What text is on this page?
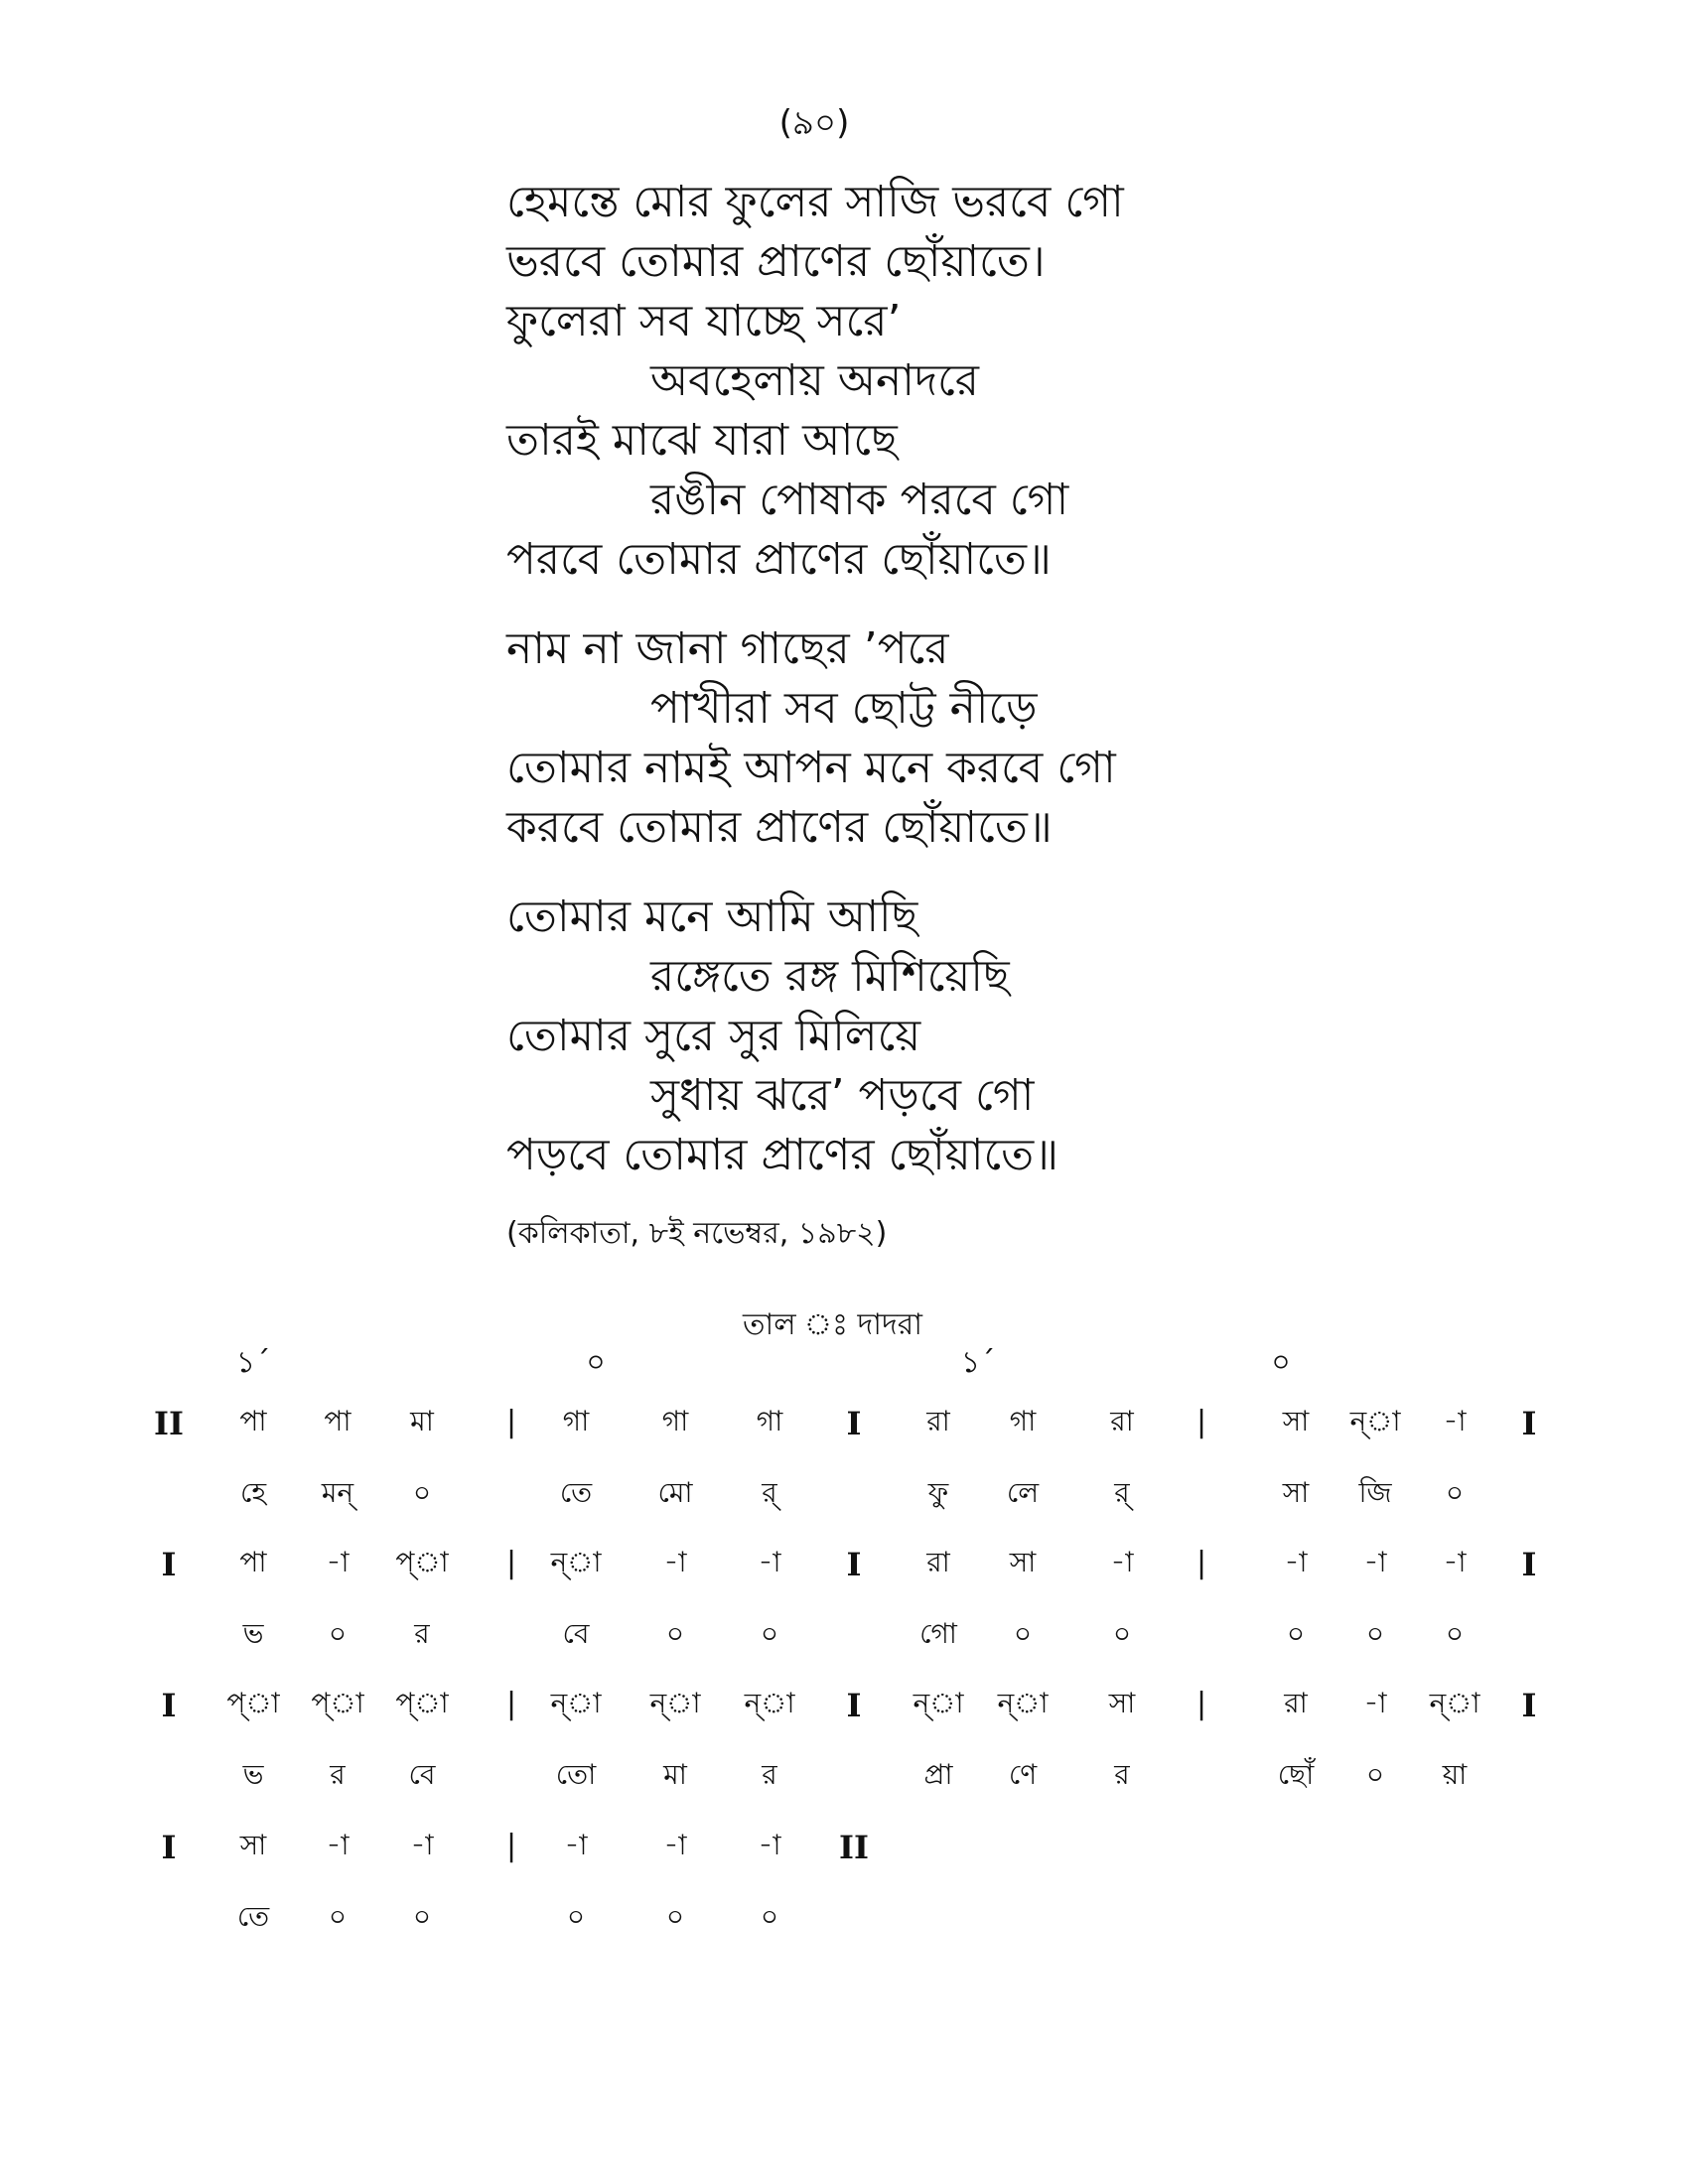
(৯০)
হেমন্তে মোর ফুলের সাজি ভরবে গো
ভরবে তোমার প্রাণের ছোঁয়াতে।
ফুলেরা সব যাচ্ছে সরে’
অবহেলায় অনাদরে
তারই মাঝে যারা আছে
রঙীন পোষাক পরবে গো
পরবে তোমার প্রাণের ছোঁয়াতে॥
নাম না জানা গাছের ’পরে
পাখীরা সব ছোট্ট নীড়ে
তোমার নামই আপন মনে করবে গো
করবে তোমার প্রাণের ছোঁয়াতে॥
তোমার মনে আমি আছি
রঙ্গেতে রঙ্গ মিশিয়েছি
তোমার সুরে সুর মিলিয়ে
সুধায় ঝরে’ পড়বে গো
পড়বে তোমার প্রাণের ছোঁয়াতে॥
(কলিকাতা, ৮ই নভেম্বর, ১৯৮২)
তাল ঃ দাদরা
১´	০	১´	০
II পা পা মা | গা	গা গা I রা গা	রা |	সা ন্া -া I
হে মন্ ০	তে মো র্	ফু লে	র্	সা জি ০
I পা -া প্া | ন্া -া	-া I রা সা	-া |	-া -া -া I
ভ ০ র	বে	০	০	গো ০	০	০ ০ ০
I প্া প্া প্া | ন্া ন্া ন্া I ন্া ন্া সা |	রা -া ন্া I
ভ র বে	তো মা	র	প্রা ণে	র	ছোঁ ০ য়া
I সা -া -া | -া	-া	-া II
তে ০ ০	০	০	০
